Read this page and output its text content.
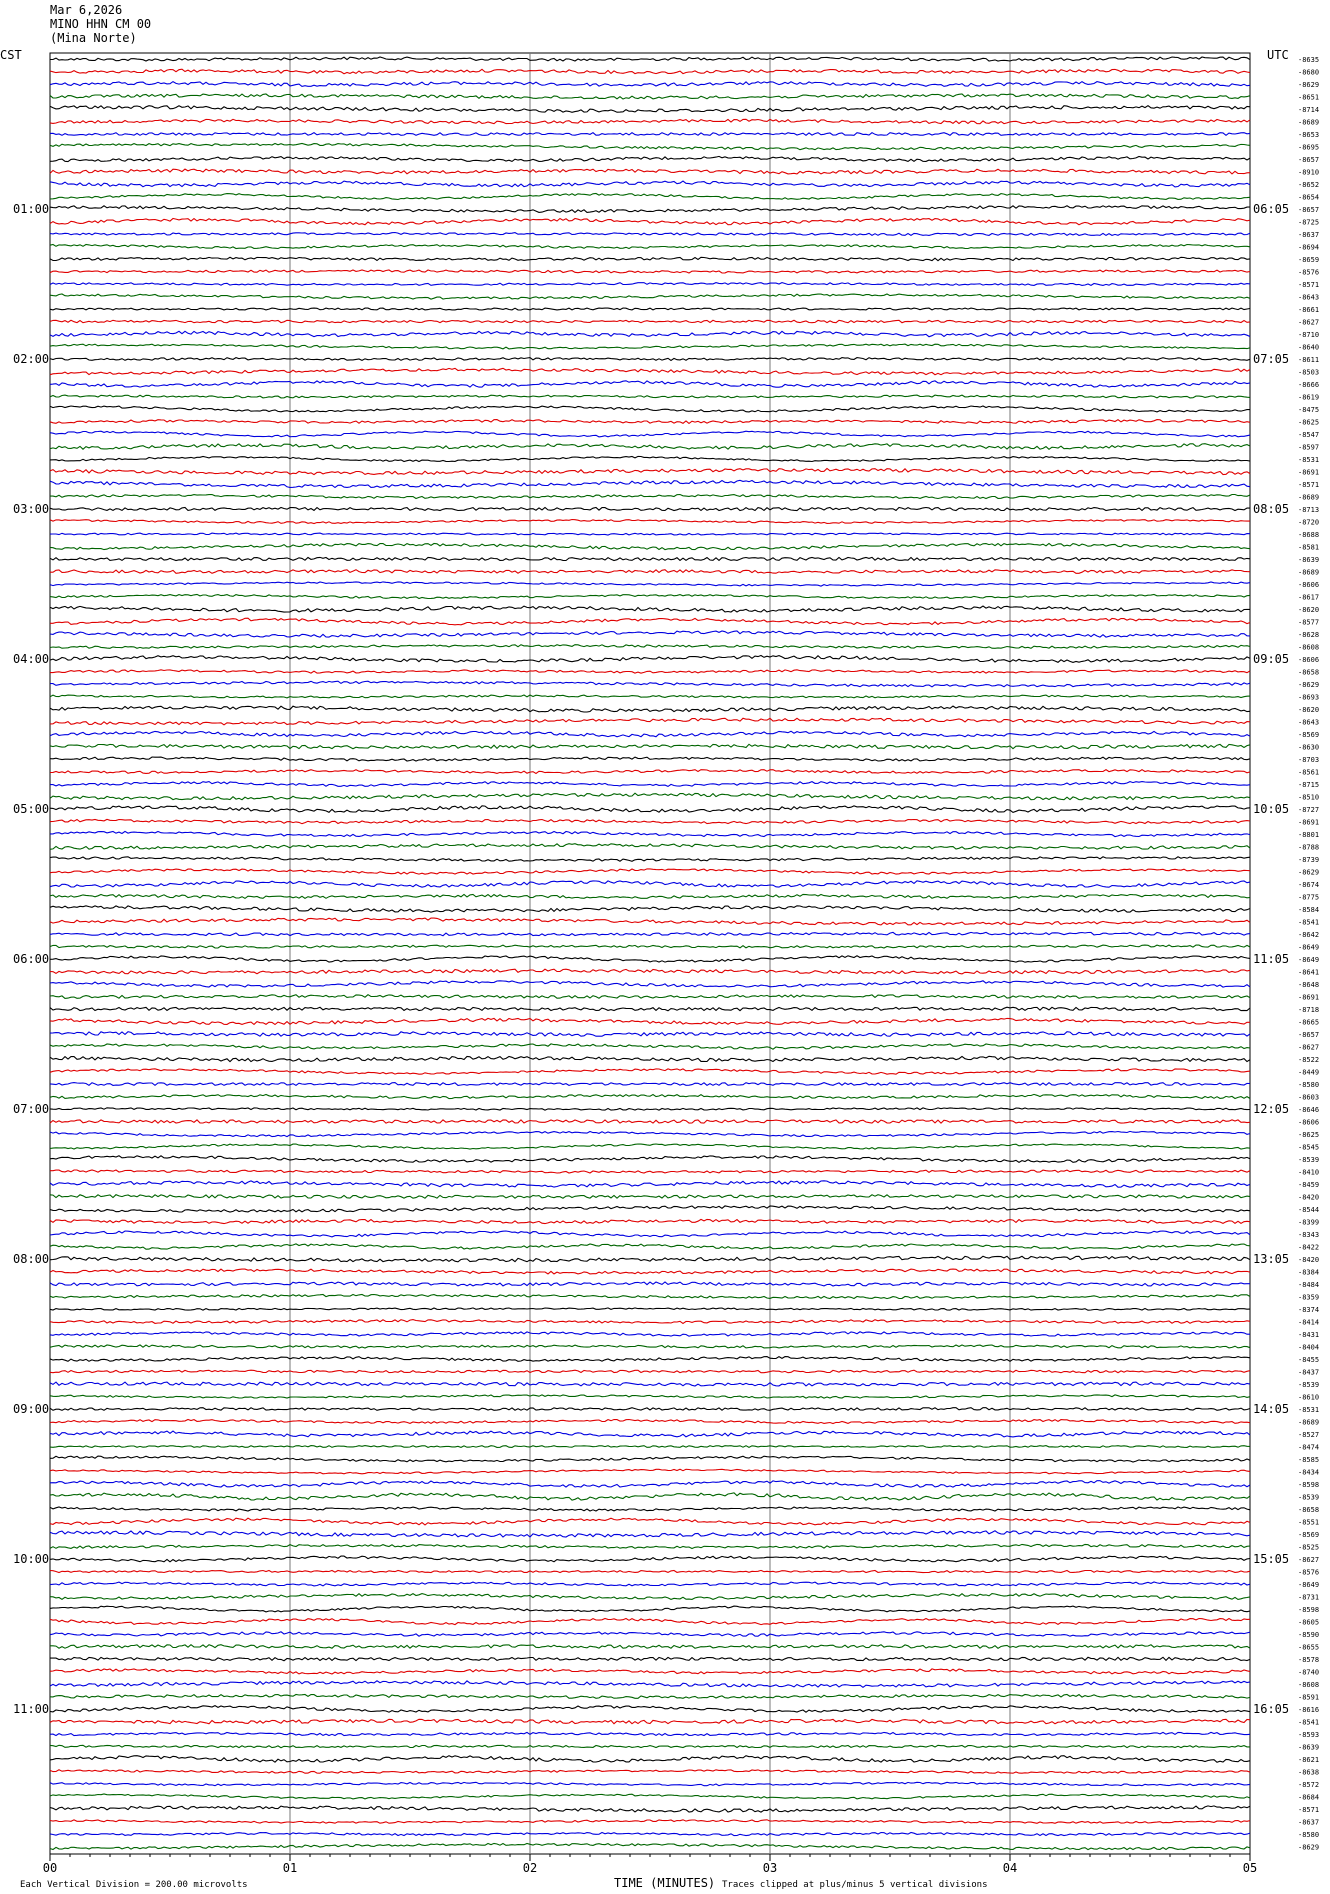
Mar 6,2026
MINO HHN CM 00
(Mina Norte)
CST	UTC -8635
-8680
-8629
-8651
-8714
-8689
-8653
-8695
-8657
-8910
-8652
-8654
-8657
-8725
-8637
-8694
-8659
-8576
-8571
-8643
-8661
-8627
-8710
-8640
-8611
-8503
-8666
-8619
-8475
-8625
-8547
-8597
-8531
-8691
-8571
-8689
-8713
-8720
-8688
-8581
-8639
-8689
-8606
-8617
-8620
-8577
-8628
-8608
-8606
-8658
-8629
-8693
-8620
-8643
-8569
-8630
-8703
-8561
-8715
-8510
-8727
-8691
-8801
-8788
-8739
-8629
-8674
-8775
-8584
-8541
-8642
-8649
-8649
-8641
-8648
-8691
-8718
-8665
-8657
-8627
-8522
-8449
-8580
-8603
-8646
-8606
-8625
-8545
-8539
-8410
-8459
-8420
-8544
-8399
-8343
-8422
-8420
-8384
-8484
-8359
-8374
-8414
-8431
-8404
-8455
-8437
-8539
-8610
-8531
-8689
-8527
-8474
-8585
-8434
-8598
-8539
-8658
-8551
-8569
-8525
-8627
-8576
-8649
-8731
-8598
-8605
-8590
-8655
-8578
-8740
-8608
-8591
-8616
-8541
-8593
-8639
-8621
-8638
-8572
-8684
-8571
-8637
-8580
-8629
01:00
02:00
03:00
04:00
05:00
06:00
07:00
08:00
09:00
10:00
11:00
06:05
07:05
08:05
09:05
10:05
11:05
12:05
13:05
14:05
15:05
16:05
00	01	02	03	04	05
TIME (MINUTES)
Each Vertical Division = 200.00 microvolts	Traces clipped at plus/minus 5 vertical divisions
